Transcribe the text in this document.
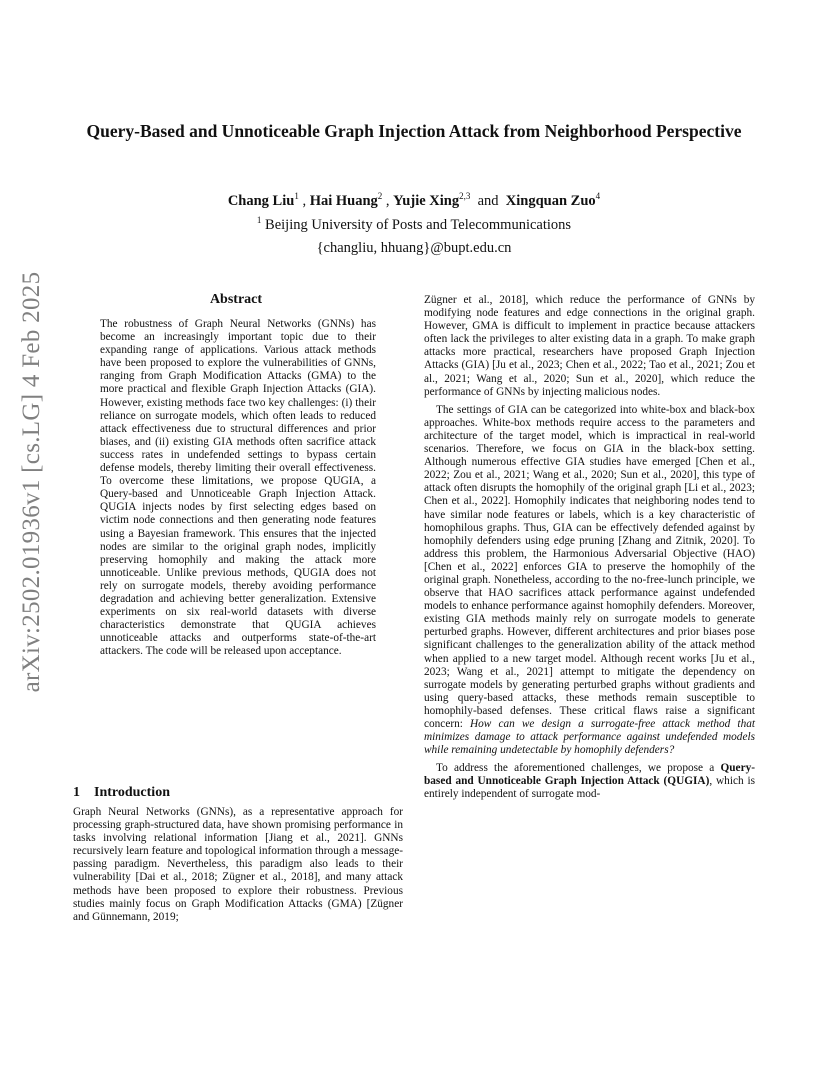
Query-Based and Unnoticeable Graph Injection Attack from Neighborhood Perspective
Chang Liu$^1$ , Hai Huang$^2$ , Yujie Xing$^{2,3}$ and Xingquan Zuo$^4$
$^1$ Beijing University of Posts and Telecommunications
{changliu, hhuang}@bupt.edu.cn
arXiv:2502.01936v1 [cs.LG] 4 Feb 2025	Abstract

The robustness of Graph Neural Networks (GNNs) has become an increasingly important topic due to their expanding range of applications. Various attack methods have been proposed to explore the vulnerabilities of GNNs, ranging from Graph Modification Attacks (GMA) to the more practical and flexible Graph Injection Attacks (GIA). However, existing methods face two key challenges: (i) their reliance on surrogate models, which often leads to reduced attack effectiveness due to structural differences and prior biases, and (ii) existing GIA methods often sacrifice attack success rates in undefended settings to bypass certain defense models, thereby limiting their overall effectiveness. To overcome these limitations, we propose QUGIA, a Query-based and Unnoticeable Graph Injection Attack. QUGIA injects nodes by first selecting edges based on victim node connections and then generating node features using a Bayesian framework. This ensures that the injected nodes are similar to the original graph nodes, implicitly preserving homophily and making the attack more unnoticeable. Unlike previous methods, QUGIA does not rely on surrogate models, thereby avoiding performance degradation and achieving better generalization. Extensive experiments on six real-world datasets with diverse characteristics demonstrate that QUGIA achieves unnoticeable attacks and outperforms state-of-the-art attackers. The code will be released upon acceptance.

1 Introduction

Graph Neural Networks (GNNs), as a representative approach for processing graph-structured data, have shown promising performance in tasks involving relational information [Jiang et al., 2021]. GNNs recursively learn feature and topological information through a message-passing paradigm. Nevertheless, this paradigm also leads to their vulnerability [Dai et al., 2018; Zügner et al., 2018], and many attack methods have been proposed to explore their robustness. Previous studies mainly focus on Graph Modification Attacks (GMA) [Zügner and Günnemann, 2019;

Zügner et al., 2018], which reduce the performance of GNNs by modifying node features and edge connections in the original graph. However, GMA is difficult to implement in practice because attackers often lack the privileges to alter existing data in a graph. To make graph attacks more practical, researchers have proposed Graph Injection Attacks (GIA) [Ju et al., 2023; Chen et al., 2022; Tao et al., 2021; Zou et al., 2021; Wang et al., 2020; Sun et al., 2020], which reduce the performance of GNNs by injecting malicious nodes.

The settings of GIA can be categorized into white-box and black-box approaches. White-box methods require access to the parameters and architecture of the target model, which is impractical in real-world scenarios. Therefore, we focus on GIA in the black-box setting. Although numerous effective GIA studies have emerged [Chen et al., 2022; Zou et al., 2021; Wang et al., 2020; Sun et al., 2020], this type of attack often disrupts the homophily of the original graph [Li et al., 2023; Chen et al., 2022]. Homophily indicates that neighboring nodes tend to have similar node features or labels, which is a key characteristic of homophilous graphs. Thus, GIA can be effectively defended against by homophily defenders using edge pruning [Zhang and Zitnik, 2020]. To address this problem, the Harmonious Adversarial Objective (HAO) [Chen et al., 2022] enforces GIA to preserve the homophily of the original graph. Nonetheless, according to the no-free-lunch principle, we observe that HAO sacrifices attack performance against undefended models to enhance performance against homophily defenders. Moreover, existing GIA methods mainly rely on surrogate models to generate perturbed graphs. However, different architectures and prior biases pose significant challenges to the generalization ability of the attack method when applied to a new target model. Although recent works [Ju et al., 2023; Wang et al., 2021] attempt to mitigate the dependency on surrogate models by generating perturbed graphs without gradients and using query-based attacks, these methods remain susceptible to homophily-based defenses. These critical flaws raise a significant concern: How can we design a surrogate-free attack method that minimizes damage to attack performance against undefended models while remaining undetectable by homophily defenders?

To address the aforementioned challenges, we propose a Query-based and Unnoticeable Graph Injection Attack (QUGIA), which is entirely independent of surrogate mod-
